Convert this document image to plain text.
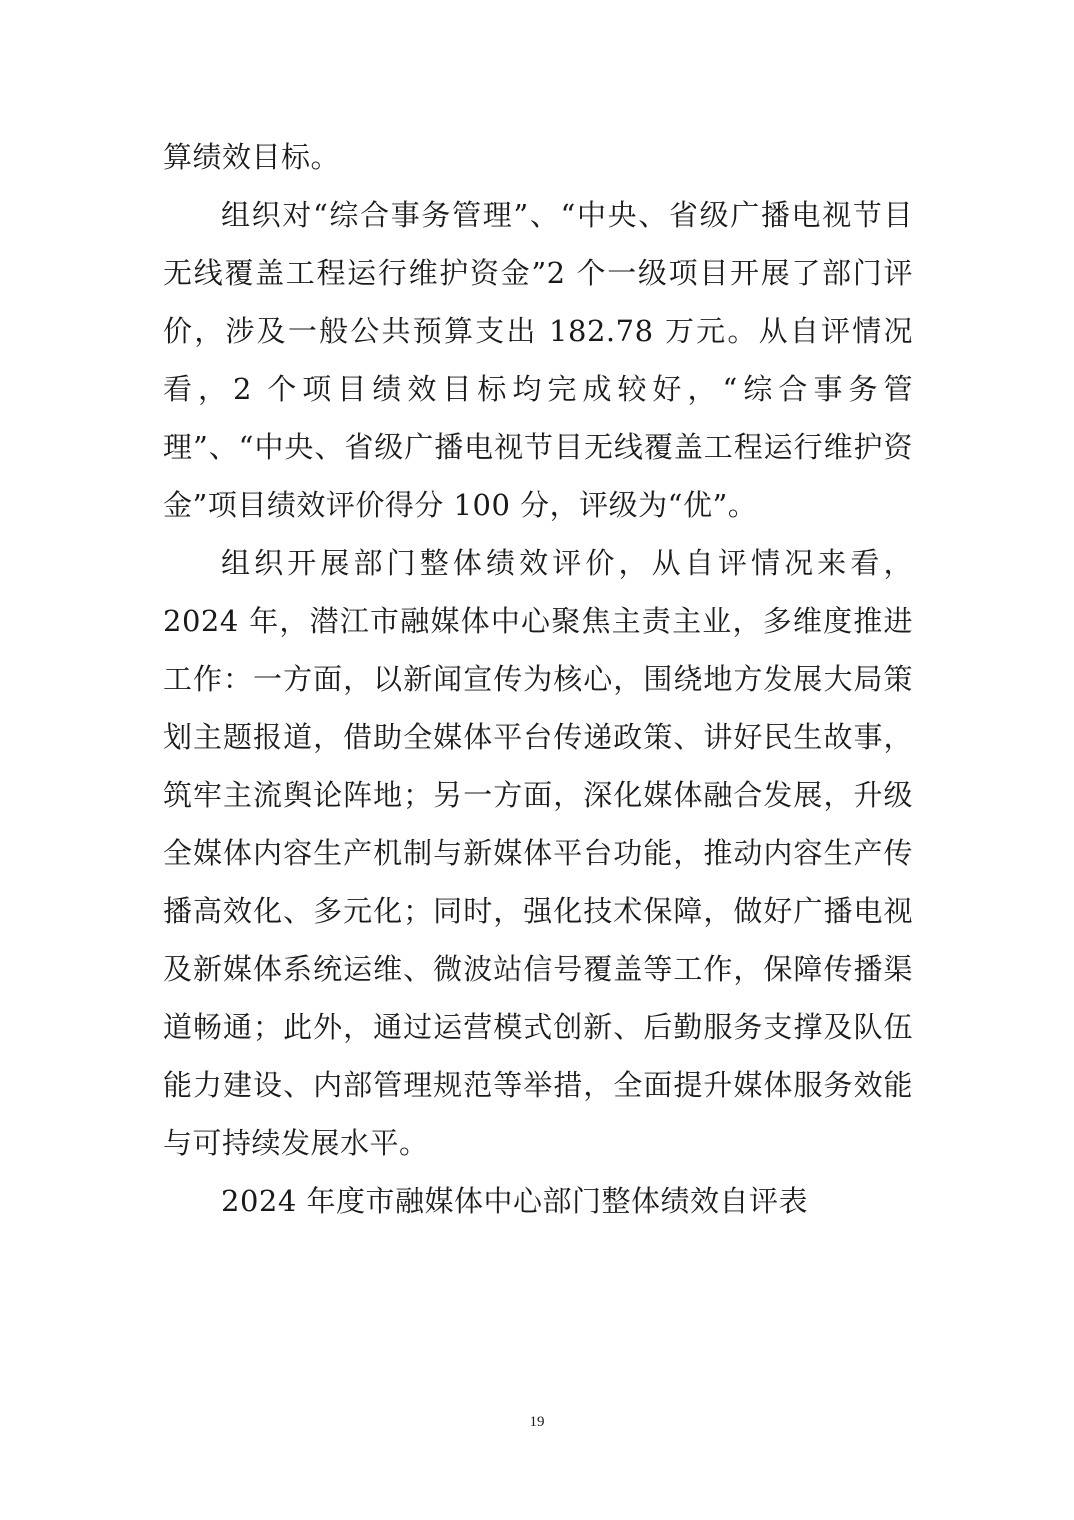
算绩效目标。

组织对“综合事务管理”、“中央、省级广播电视节目无线覆盖工程运行维护资金”2 个一级项目开展了部门评价，涉及一般公共预算支出 182.78 万元。从自评情况看，2 个项目绩效目标均完成较好，“综合事务管理”、“中央、省级广播电视节目无线覆盖工程运行维护资金”项目绩效评价得分 100 分，评级为“优”。

组织开展部门整体绩效评价，从自评情况来看，2024 年，潜江市融媒体中心聚焦主责主业，多维度推进工作：一方面，以新闻宣传为核心，围绕地方发展大局策划主题报道，借助全媒体平台传递政策、讲好民生故事，筑牢主流舆论阵地；另一方面，深化媒体融合发展，升级全媒体内容生产机制与新媒体平台功能，推动内容生产传播高效化、多元化；同时，强化技术保障，做好广播电视及新媒体系统运维、微波站信号覆盖等工作，保障传播渠道畅通；此外，通过运营模式创新、后勤服务支撑及队伍能力建设、内部管理规范等举措，全面提升媒体服务效能与可持续发展水平。

2024 年度市融媒体中心部门整体绩效自评表

19
